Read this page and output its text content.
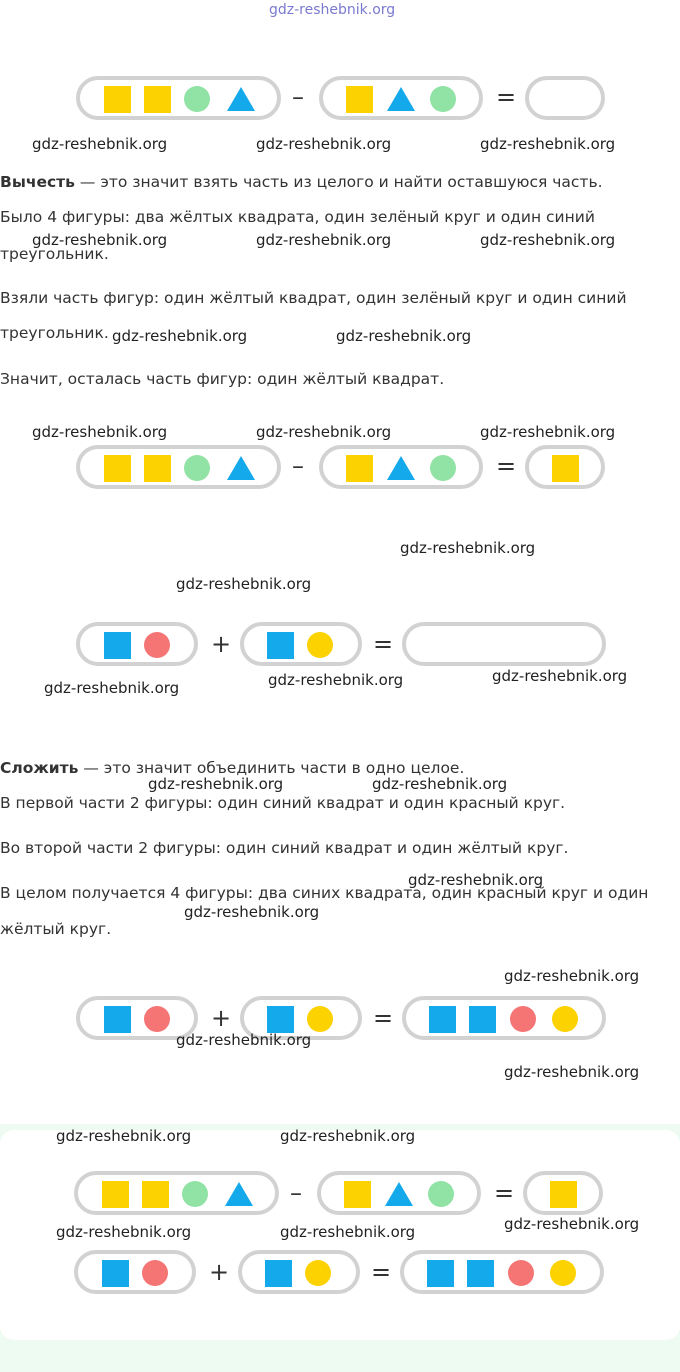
gdz-reshebnik.org
–	=
gdz-reshebnik.org	gdz-reshebnik.org	gdz-reshebnik.org
Вычесть — это значит взять часть из целого и найти оставшуюся часть.
Было 4 фигуры: два жёлтых квадрата, один зелёный круг и один синий
треугольник.
gdz-reshebnik.org	gdz-reshebnik.org	gdz-reshebnik.org
Взяли часть фигур: один жёлтый квадрат, один зелёный круг и один синий
треугольник. gdz-reshebnik.org	gdz-reshebnik.org
Значит, осталась часть фигур: один жёлтый квадрат.
gdz-reshebnik.org	gdz-reshebnik.org	gdz-reshebnik.org
–	=
gdz-reshebnik.org
gdz-reshebnik.org
+	=
gdz-reshebnik.org	gdz-reshebnik.org	gdz-reshebnik.org
Сложить — это значит объединить части в одно целое.
gdz-reshebnik.org	gdz-reshebnik.org
В первой части 2 фигуры: один синий квадрат и один красный круг.
Во второй части 2 фигуры: один синий квадрат и один жёлтый круг.
В целом получается 4 фигуры: два синих квадрата, один красный круг и один
gdz-reshebnik.org
gdz-reshebnik.org
жёлтый круг.
gdz-reshebnik.org
+	=
gdz-reshebnik.org
gdz-reshebnik.org
gdz-reshebnik.org	gdz-reshebnik.org
–	=
gdz-reshebnik.org	gdz-reshebnik.org	gdz-reshebnik.org
+	=
